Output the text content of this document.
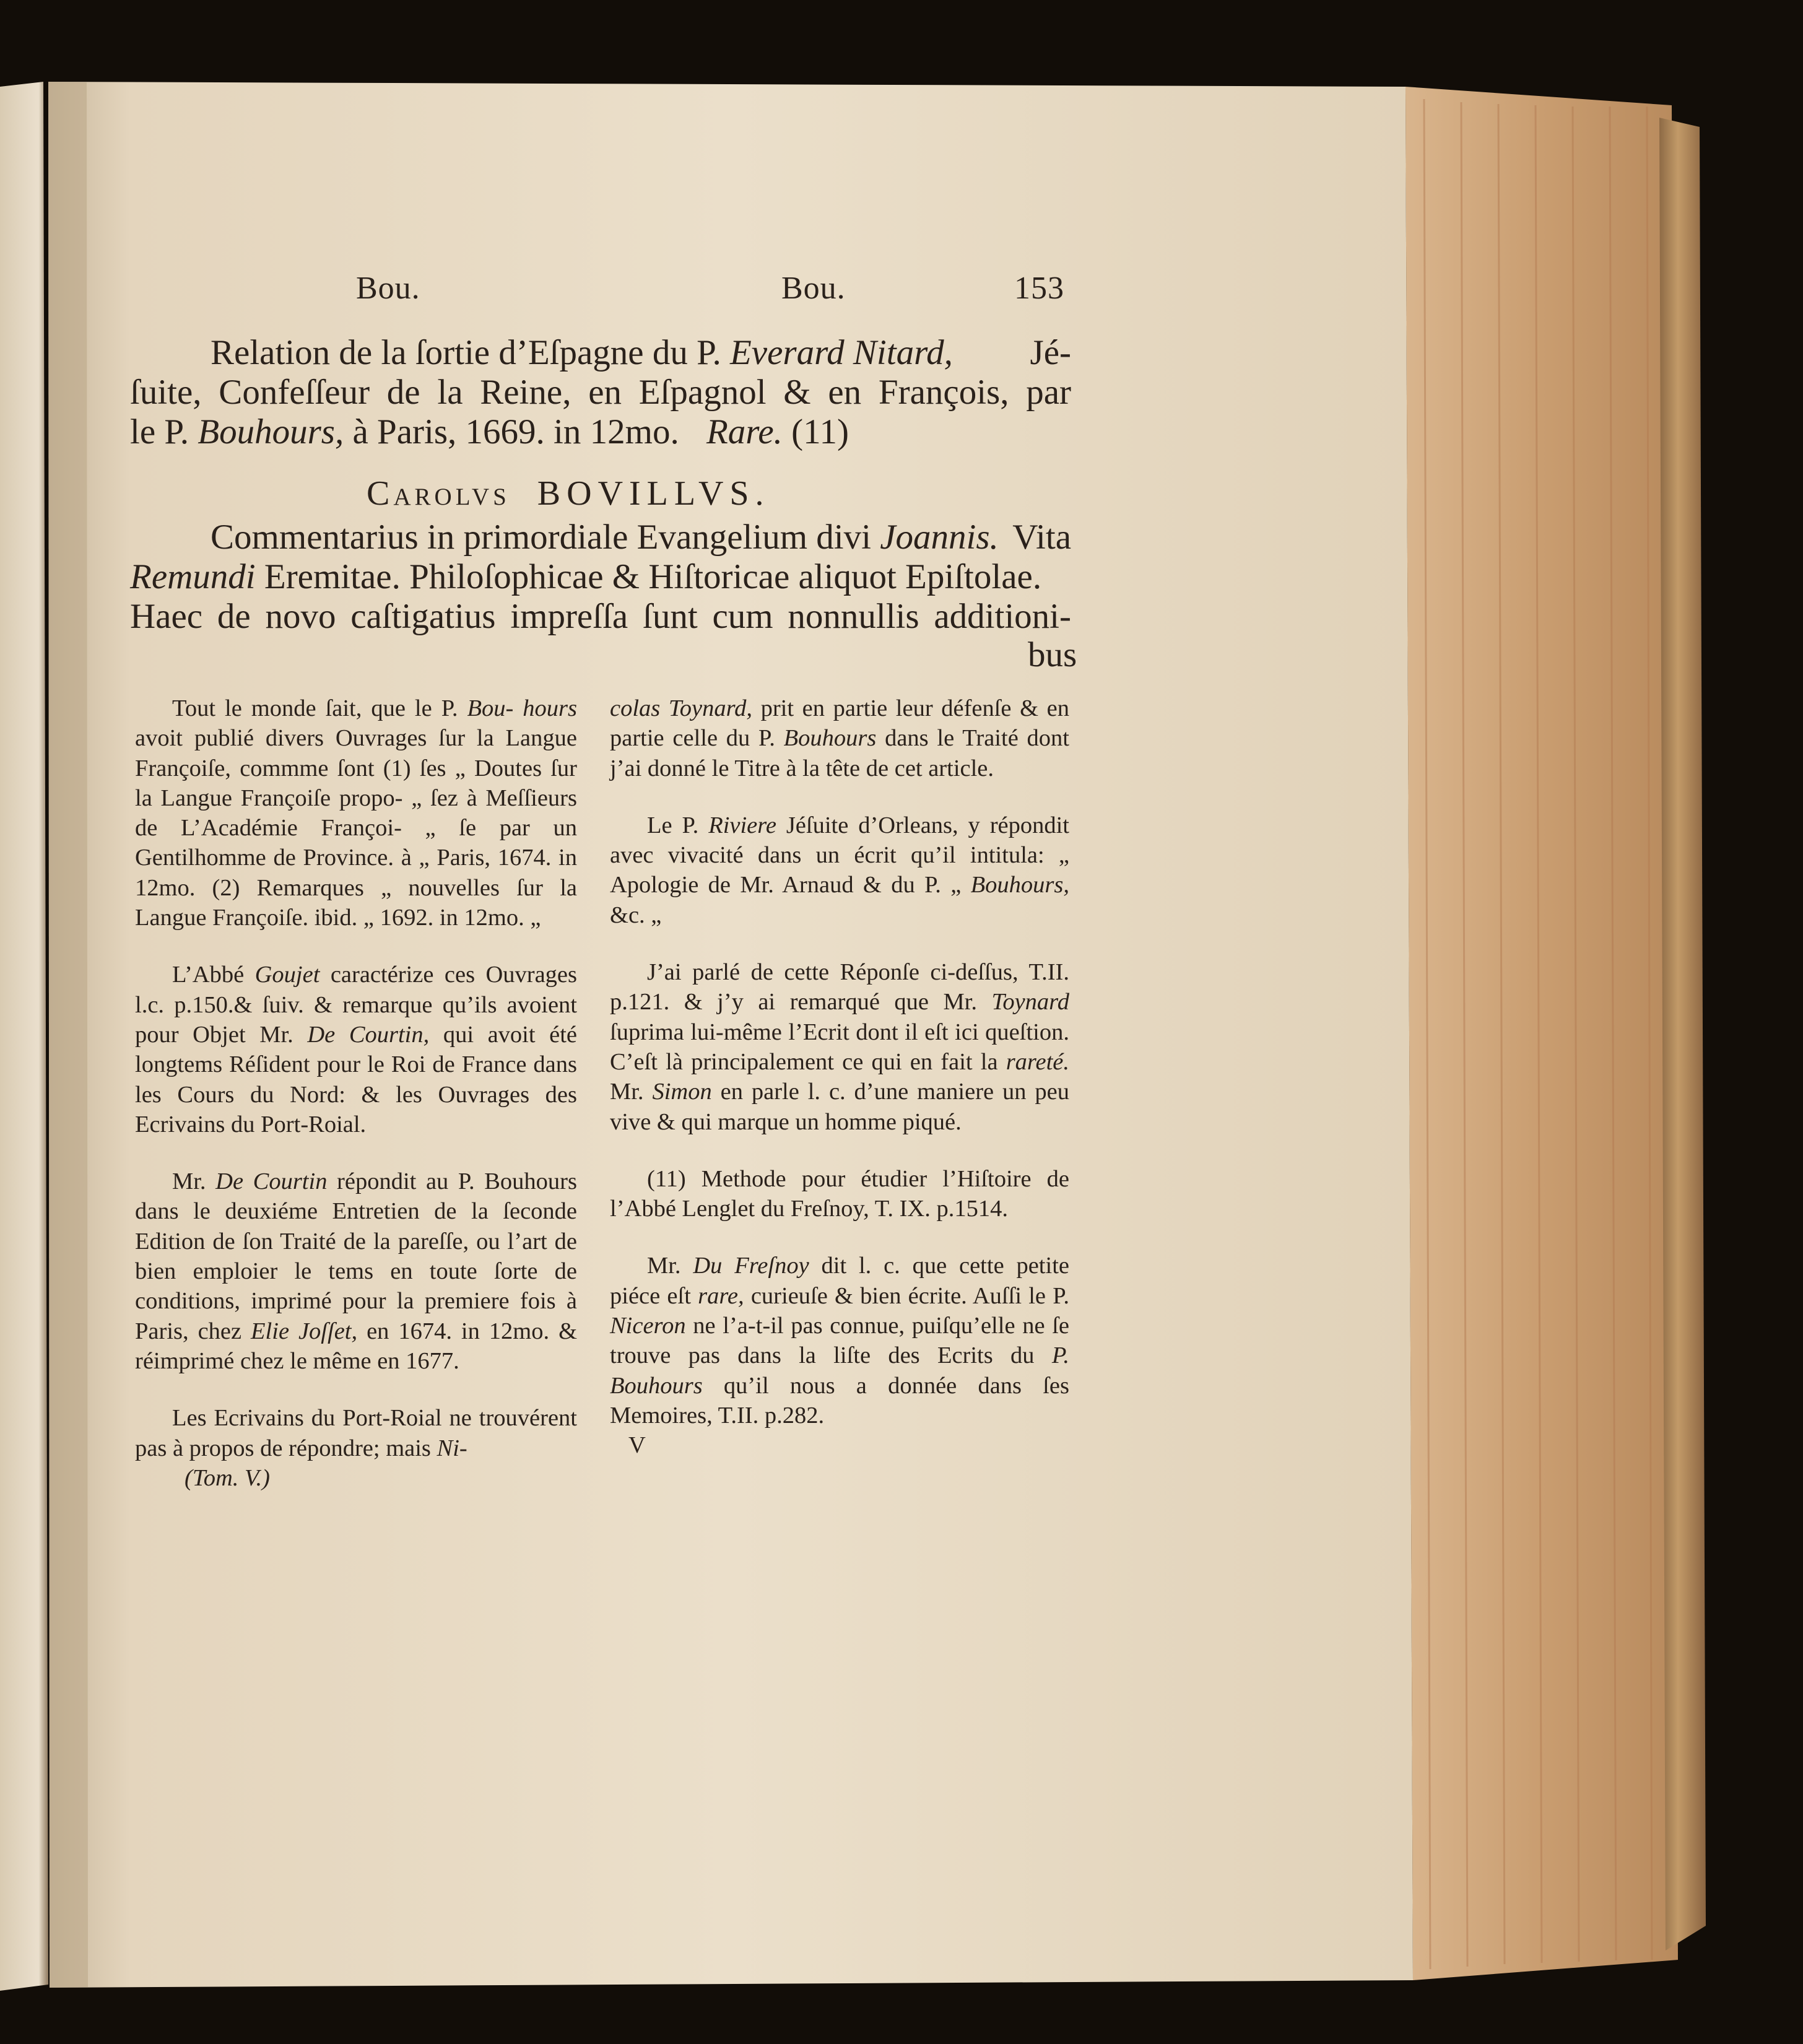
Bou.	Bou.	153
Relation de la ſortie d’Eſpagne du P. Everard Nitard, Jé-
ſuite, Confeſſeur de la Reine, en Eſpagnol & en François, par
le P. Bouhours, à Paris, 1669. in 12mo. Rare. (11)
Carolvs BOVILLVS.
Commentarius in primordiale Evangelium divi Joannis. Vita
Remundi Eremitae. Philoſophicae & Hiſtoricae aliquot Epiſtolae.
Haec de novo caſtigatius impreſſa ſunt cum nonnullis additioni-
bus

Tout le monde ſait, que le P. Bou- hours avoit publié divers Ouvrages ſur la Langue Françoiſe, commme ſont (1) ſes „ Doutes ſur la Langue Françoiſe propo- „ ſez à Meſſieurs de L’Académie Françoi- „ ſe par un Gentilhomme de Province. à „ Paris, 1674. in 12mo. (2) Remarques „ nouvelles ſur la Langue Françoiſe. ibid. „ 1692. in 12mo. „

L’Abbé Goujet caractérize ces Ouvrages l.c. p.150.& ſuiv. & remarque qu’ils avoient pour Objet Mr. De Courtin, qui avoit été longtems Réſident pour le Roi de France dans les Cours du Nord: & les Ouvrages des Ecrivains du Port-Roial.

Mr. De Courtin répondit au P. Bouhours dans le deuxiéme Entretien de la ſeconde Edition de ſon Traité de la pareſſe, ou l’art de bien emploier le tems en toute ſorte de conditions, imprimé pour la premiere fois à Paris, chez Elie Joſſet, en 1674. in 12mo. & réimprimé chez le même en 1677.

Les Ecrivains du Port-Roial ne trouvérent pas à propos de répondre; mais Ni-

(Tom. V.)

colas Toynard, prit en partie leur défenſe & en partie celle du P. Bouhours dans le Traité dont j’ai donné le Titre à la tête de cet article.

Le P. Riviere Jéſuite d’Orleans, y répondit avec vivacité dans un écrit qu’il intitula: „ Apologie de Mr. Arnaud & du P. „ Bouhours, &c. „

J’ai parlé de cette Réponſe ci-deſſus, T.II. p.121. & j’y ai remarqué que Mr. Toynard ſuprima lui-même l’Ecrit dont il eſt ici queſtion. C’eſt là principalement ce qui en fait la rareté. Mr. Simon en parle l. c. d’une maniere un peu vive & qui marque un homme piqué.

(11) Methode pour étudier l’Hiſtoire de l’Abbé Lenglet du Freſnoy, T. IX. p.1514.

Mr. Du Freſnoy dit l. c. que cette petite piéce eſt rare, curieuſe & bien écrite. Auſſi le P. Niceron ne l’a-t-il pas connue, puiſqu’elle ne ſe trouve pas dans la liſte des Ecrits du P. Bouhours qu’il nous a donnée dans ſes Memoires, T.II. p.282.

V
